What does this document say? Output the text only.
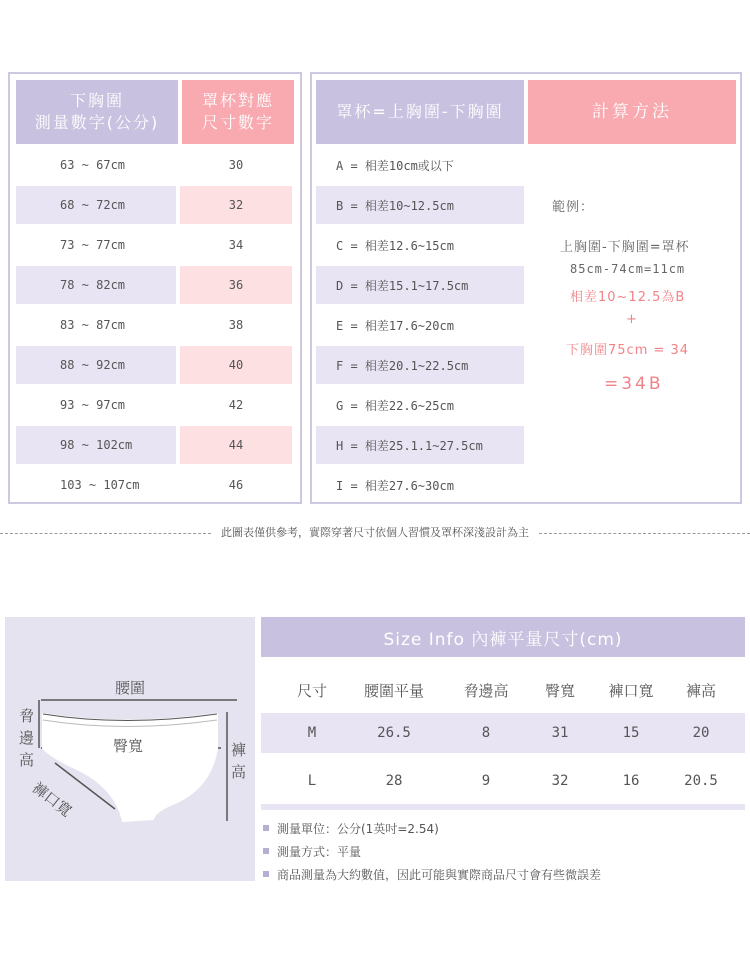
下胸圍
測量數字(公分)
罩杯對應
尺寸數字
63 ~ 67cm	30
68 ~ 72cm	32
73 ~ 77cm	34
78 ~ 82cm	36
83 ~ 87cm	38
88 ~ 92cm	40
93 ~ 97cm	42
98 ~ 102cm	44
103 ~ 107cm	46
罩杯=上胸圍-下胸圍	計算方法
範例：
上胸圍-下胸圍=罩杯
85cm-74cm=11cm
相差10~12.5為B
+
下胸圍75cm = 34
=34B
A = 相差10cm或以下
B = 相差10~12.5cm
C = 相差12.6~15cm
D = 相差15.1~17.5cm
E = 相差17.6~20cm
F = 相差20.1~22.5cm
G = 相差22.6~25cm
H = 相差25.1.1~27.5cm
I = 相差27.6~30cm
此圖表僅供參考，實際穿著尺寸依個人習慣及罩杯深淺設計為主
腰圍
臀寬
脅邊高
褲高
褲口寬
Size Info 內褲平量尺寸(cm)
尺寸	腰圍平量	脅邊高	臀寬	褲口寬	褲高
M	26.5	8	31	15	20
L	28	9	32	16	20.5
測量單位：公分(1英吋=2.54)
測量方式：平量
商品測量為大約數值，因此可能與實際商品尺寸會有些微誤差
